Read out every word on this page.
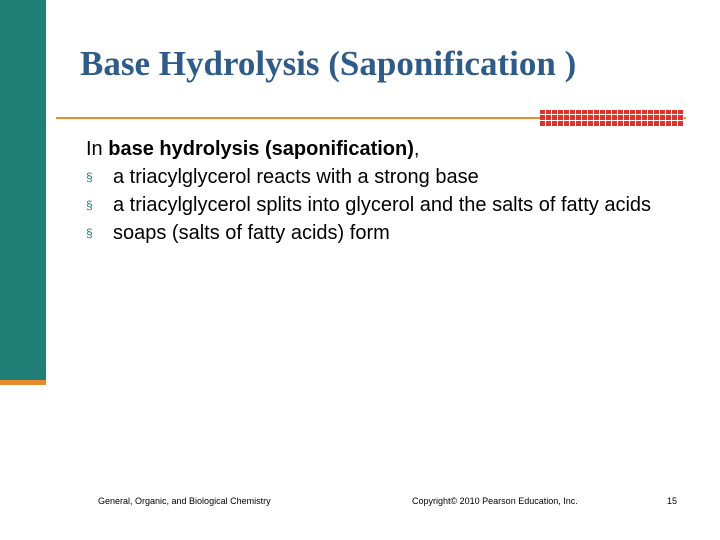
Base Hydrolysis (Saponification )

In base hydrolysis (saponification),

§	a triacylglycerol reacts with a strong base
§	a triacylglycerol splits into glycerol and the salts of fatty acids
§	soaps (salts of fatty acids) form
General, Organic, and Biological Chemistry	Copyright© 2010 Pearson Education, Inc.	15
